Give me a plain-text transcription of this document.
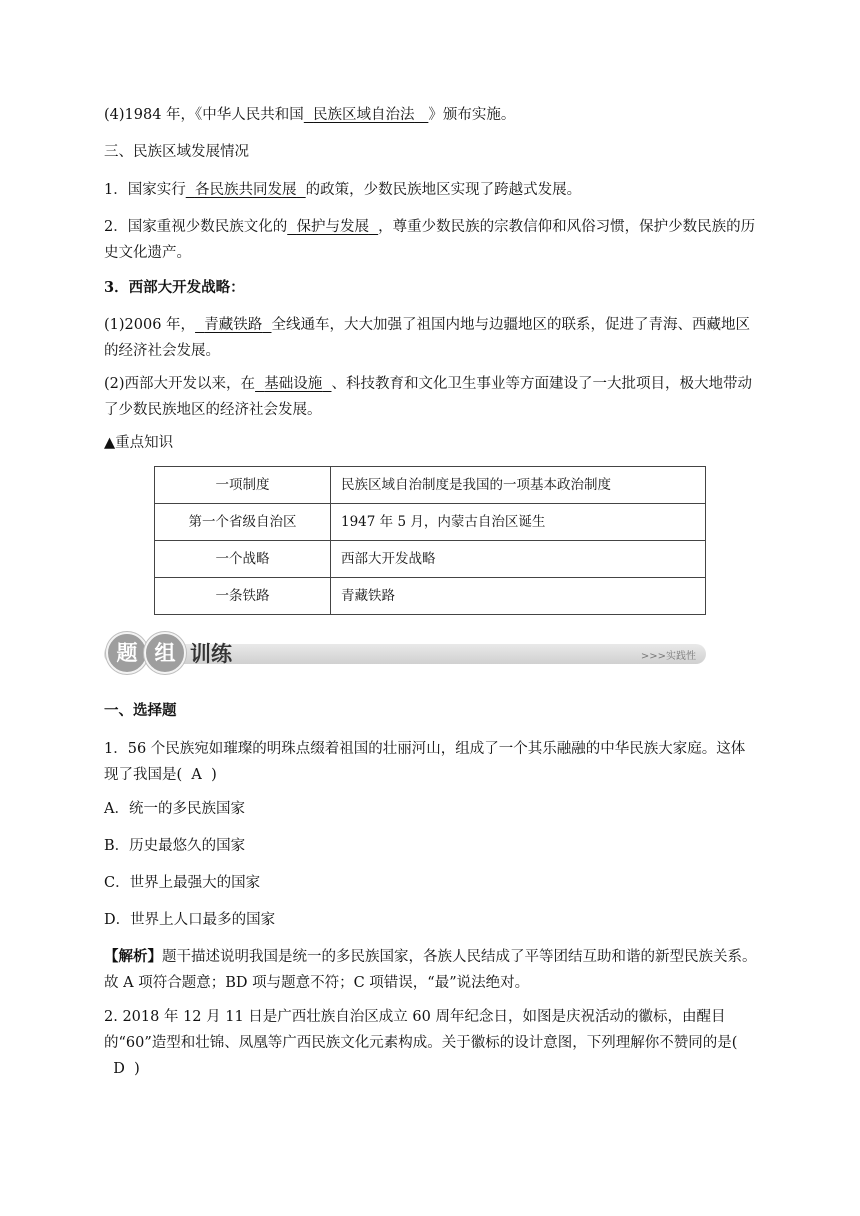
(4)1984 年，《中华人民共和国 民族区域自治法 》颁布实施。
三、民族区域发展情况
1．国家实行 各民族共同发展 的政策，少数民族地区实现了跨越式发展。
2．国家重视少数民族文化的 保护与发展 ，尊重少数民族的宗教信仰和风俗习惯，保护少数民族的历史文化遗产。
3．西部大开发战略：
(1)2006 年， 青藏铁路 全线通车，大大加强了祖国内地与边疆地区的联系，促进了青海、西藏地区的经济社会发展。
(2)西部大开发以来，在 基础设施 、科技教育和文化卫生事业等方面建设了一大批项目，极大地带动了少数民族地区的经济社会发展。
▲重点知识
一项制度	民族区域自治制度是我国的一项基本政治制度
第一个省级自治区	1947 年 5 月，内蒙古自治区诞生
一个战略	西部大开发战略
一条铁路	青藏铁路
题 组 训练	>>>实践性
一、选择题
1．56 个民族宛如璀璨的明珠点缀着祖国的壮丽河山，组成了一个其乐融融的中华民族大家庭。这体现了我国是( A )
A．统一的多民族国家
B．历史最悠久的国家
C．世界上最强大的国家
D．世界上人口最多的国家
【解析】题干描述说明我国是统一的多民族国家，各族人民结成了平等团结互助和谐的新型民族关系。故 A 项符合题意；BD 项与题意不符；C 项错误，“最”说法绝对。
2. 2018 年 12 月 11 日是广西壮族自治区成立 60 周年纪念日，如图是庆祝活动的徽标，由醒目的“60”造型和壮锦、凤凰等广西民族文化元素构成。关于徽标的设计意图，下列理解你不赞同的是(  D )
